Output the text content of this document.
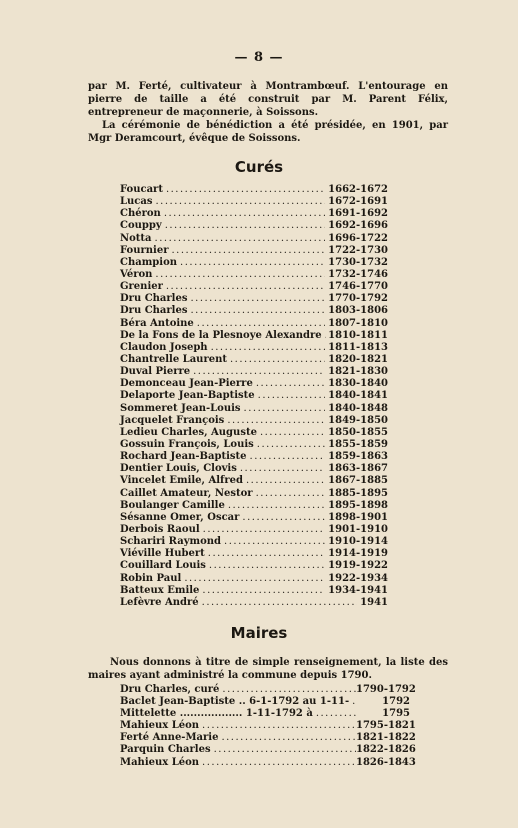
— 8 —

par M. Ferté, cultivateur à Montrambœuf. L'entourage en pierre de taille a été construit par M. Parent Félix, entrepreneur de maçonnerie, à Soissons.

La cérémonie de bénédiction a été présidée, en 1901, par Mgr Deramcourt, évêque de Soissons.

Curés
Foucart .....	1662-1672
Lucas .....	1672-1691
Chéron .....	1691-1692
Couppy .....	1692-1696
Notta .....	1696-1722
Fournier .....	1722-1730
Champion .....	1730-1732
Véron .....	1732-1746
Grenier .....	1746-1770
Dru Charles .....	1770-1792
Dru Charles .....	1803-1806
Béra Antoine .....	1807-1810
De la Fons de la Plesnoye Alexandre ..... 1810-1811
Claudon Joseph .....	1811-1813
Chantrelle Laurent .....	1820-1821
Duval Pierre .....	1821-1830
Demonceau Jean-Pierre .....	1830-1840
Delaporte Jean-Baptiste .....	1840-1841
Sommeret Jean-Louis .....	1840-1848
Jacquelet François .....	1849-1850
Ledieu Charles, Auguste .....	1850-1855
Gossuin François, Louis .....	1855-1859
Rochard Jean-Baptiste .....	1859-1863
Dentier Louis, Clovis .....	1863-1867
Vincelet Emile, Alfred .....	1867-1885
Caillet Amateur, Nestor .....	1885-1895
Boulanger Camille .....	1895-1898
Sésanne Omer, Oscar .....	1898-1901
Derbois Raoul .....	1901-1910
Schariri Raymond .....	1910-1914
Viéville Hubert .....	1914-1919
Couillard Louis .....	1919-1922
Robin Paul .....	1922-1934
Batteux Emile .....	1934-1941
Lefèvre André .....	1941
Maires
Nous donnons à titre de simple renseignement, la liste des maires ayant administré la commune depuis 1790.
Dru Charles, curé .....	1790-1792
Baclet Jean-Baptiste .. 6-1-1792 au 1-11- .....	1792
Mittelette .................. 1-11-1792 à .....	1795
Mahieux Léon .....	1795-1821
Ferté Anne-Marie .....	1821-1822
Parquin Charles .....	1822-1826
Mahieux Léon .....	1826-1843
